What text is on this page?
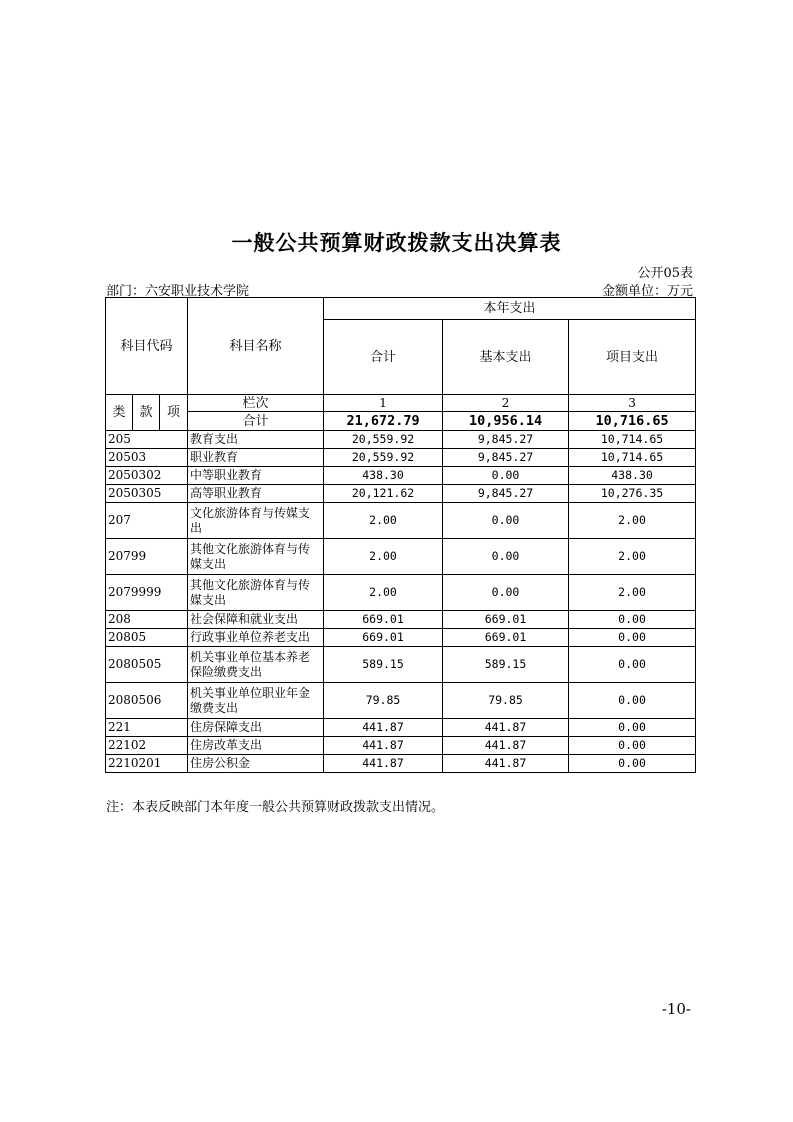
一般公共预算财政拨款支出决算表
公开05表
部门：六安职业技术学院	金额单位：万元
科目代码			科目名称	本年支出		
				合计	基本支出	项目支出
类	款	项	栏次	1	2	3
			合计	21,672.79	10,956.14	10,716.65
205			教育支出	20,559.92	9,845.27	10,714.65
20503			职业教育	20,559.92	9,845.27	10,714.65
2050302			中等职业教育	438.30	0.00	438.30
2050305			高等职业教育	20,121.62	9,845.27	10,276.35
207			文化旅游体育与传媒支出	2.00	0.00	2.00
20799			其他文化旅游体育与传媒支出	2.00	0.00	2.00
2079999			其他文化旅游体育与传媒支出	2.00	0.00	2.00
208			社会保障和就业支出	669.01	669.01	0.00
20805			行政事业单位养老支出	669.01	669.01	0.00
2080505			机关事业单位基本养老保险缴费支出	589.15	589.15	0.00
2080506			机关事业单位职业年金缴费支出	79.85	79.85	0.00
221			住房保障支出	441.87	441.87	0.00
22102			住房改革支出	441.87	441.87	0.00
2210201			住房公积金	441.87	441.87	0.00
注：本表反映部门本年度一般公共预算财政拨款支出情况。
-10-
